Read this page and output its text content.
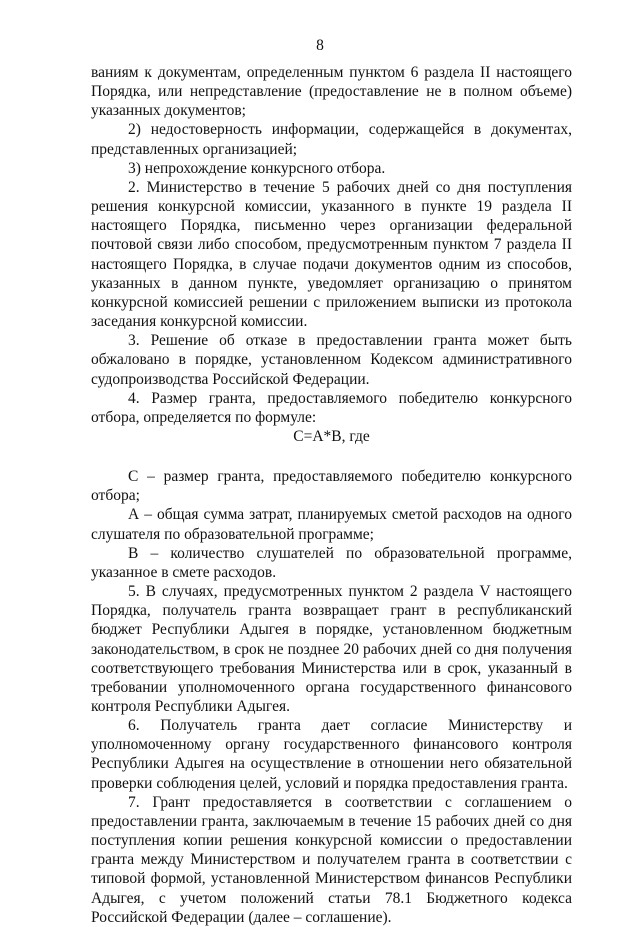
8

ваниям к документам, определенным пунктом 6 раздела II настоящего Порядка, или непредставление (предоставление не в полном объеме) указанных документов;

2) недостоверность информации, содержащейся в документах, представленных организацией;

3) непрохождение конкурсного отбора.

2. Министерство в течение 5 рабочих дней со дня поступления решения конкурсной комиссии, указанного в пункте 19 раздела II настоящего Порядка, письменно через организации федеральной почтовой связи либо способом, предусмотренным пунктом 7 раздела II настоящего Порядка, в случае подачи документов одним из способов, указанных в данном пункте, уведомляет организацию о принятом конкурсной комиссией решении с приложением выписки из протокола заседания конкурсной комиссии.

3. Решение об отказе в предоставлении гранта может быть обжаловано в порядке, установленном Кодексом административного судопроизводства Российской Федерации.

4. Размер гранта, предоставляемого победителю конкурсного отбора, определяется по формуле:

C=A*B, где

С – размер гранта, предоставляемого победителю конкурсного отбора;

А – общая сумма затрат, планируемых сметой расходов на одного слушателя по образовательной программе;

В – количество слушателей по образовательной программе, указанное в смете расходов.

5. В случаях, предусмотренных пунктом 2 раздела V настоящего Порядка, получатель гранта возвращает грант в республиканский бюджет Республики Адыгея в порядке, установленном бюджетным законодательством, в срок не позднее 20 рабочих дней со дня получения соответствующего требования Министерства или в срок, указанный в требовании уполномоченного органа государственного финансового контроля Республики Адыгея.

6. Получатель гранта дает согласие Министерству и уполномоченному органу государственного финансового контроля Республики Адыгея на осуществление в отношении него обязательной проверки соблюдения целей, условий и порядка предоставления гранта.

7. Грант предоставляется в соответствии с соглашением о предоставлении гранта, заключаемым в течение 15 рабочих дней со дня поступления копии решения конкурсной комиссии о предоставлении гранта между Министерством и получателем гранта в соответствии с типовой формой, установленной Министерством финансов Республики Адыгея, с учетом положений статьи 78.1 Бюджетного кодекса Российской Федерации (далее – соглашение).
